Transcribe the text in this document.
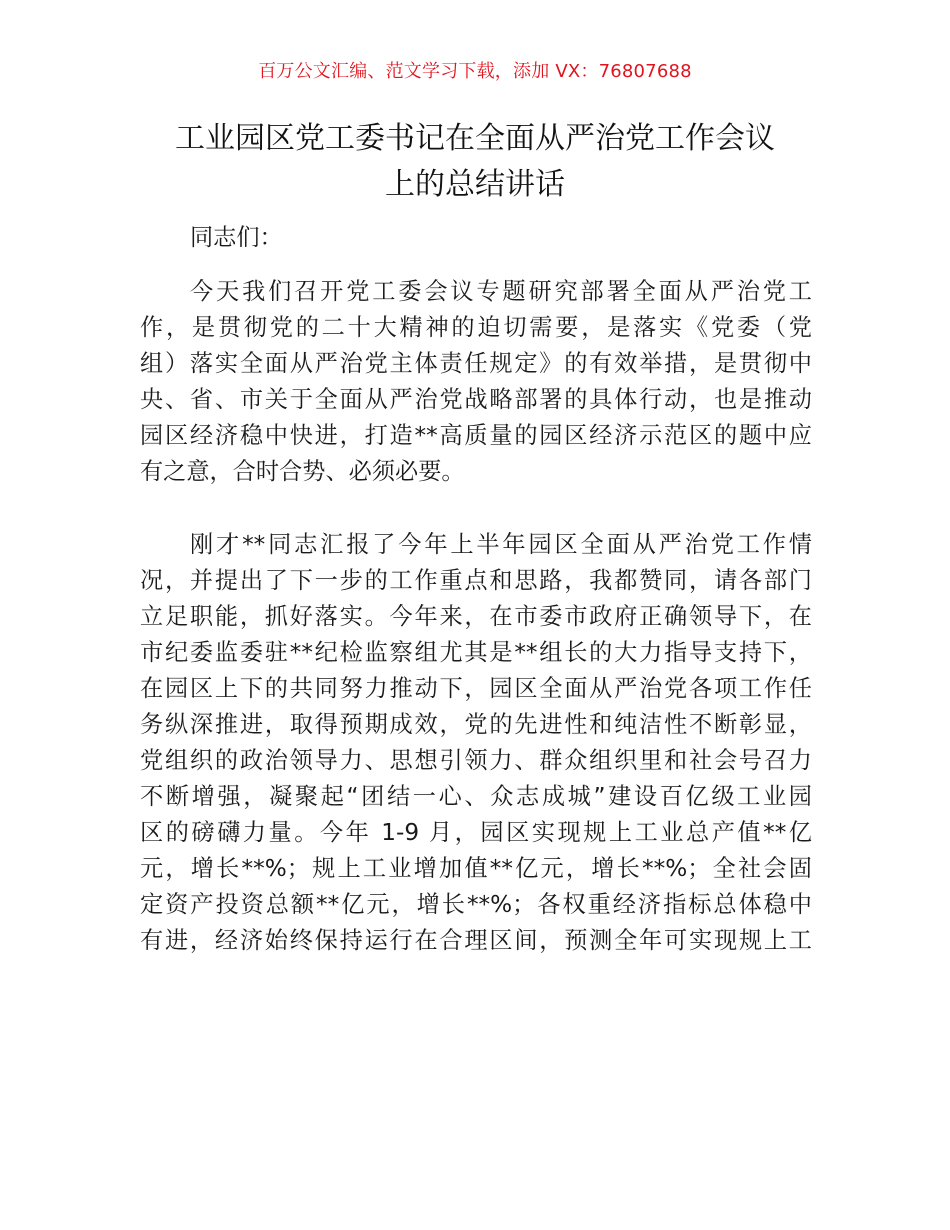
百万公文汇编、范文学习下载，添加 VX：76807688
工业园区党工委书记在全面从严治党工作会议
上的总结讲话
同志们：
今天我们召开党工委会议专题研究部署全面从严治党工
作，是贯彻党的二十大精神的迫切需要，是落实《党委（党
组）落实全面从严治党主体责任规定》的有效举措，是贯彻中
央、省、市关于全面从严治党战略部署的具体行动，也是推动
园区经济稳中快进，打造**高质量的园区经济示范区的题中应
有之意，合时合势、必须必要。
刚才**同志汇报了今年上半年园区全面从严治党工作情
况，并提出了下一步的工作重点和思路，我都赞同，请各部门
立足职能，抓好落实。今年来，在市委市政府正确领导下，在
市纪委监委驻**纪检监察组尤其是**组长的大力指导支持下，
在园区上下的共同努力推动下，园区全面从严治党各项工作任
务纵深推进，取得预期成效，党的先进性和纯洁性不断彰显，
党组织的政治领导力、思想引领力、群众组织里和社会号召力
不断增强，凝聚起“团结一心、众志成城”建设百亿级工业园
区的磅礴力量。今年 1-9 月，园区实现规上工业总产值**亿
元，增长**%；规上工业增加值**亿元，增长**%；全社会固
定资产投资总额**亿元，增长**%；各权重经济指标总体稳中
有进，经济始终保持运行在合理区间，预测全年可实现规上工
